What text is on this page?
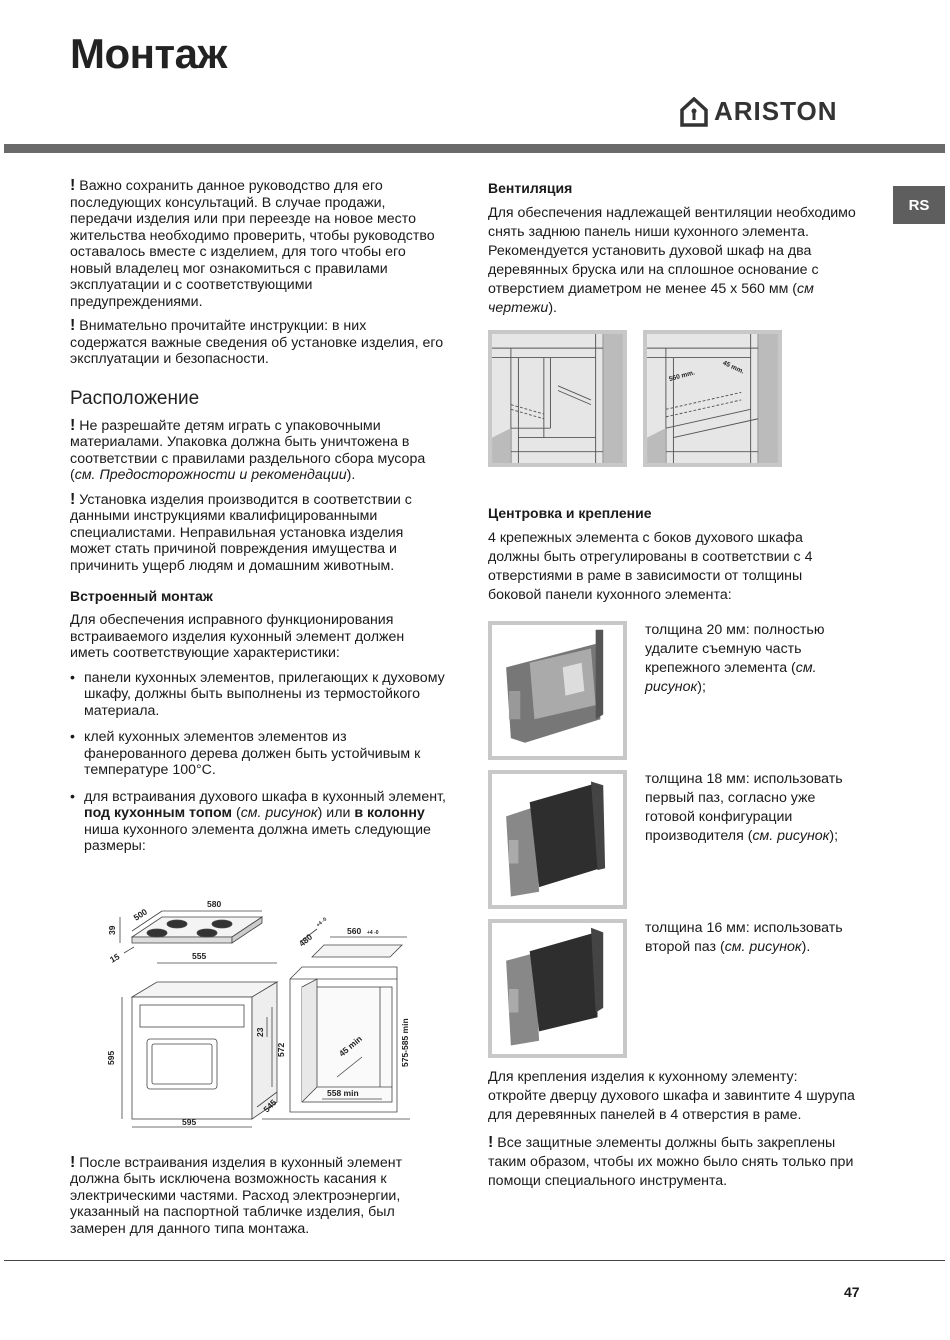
Монтаж
ARISTON
RS

! Важно сохранить данное руководство для его последующих консультаций. В случае продажи, передачи изделия или при переезде на новое место жительства необходимо проверить, чтобы руководство оставалось вместе с изделием, для того чтобы его новый владелец мог ознакомиться с правилами эксплуатации и с соответствующими предупреждениями.

! Внимательно прочитайте инструкции: в них содержатся важные сведения об установке изделия, его эксплуатации и безопасности.

Расположение

! Не разрешайте детям играть с упаковочными материалами. Упаковка должна быть уничтожена в соответствии с правилами раздельного сбора мусора (см. Предосторожности и рекомендации).

! Установка изделия производится в соответствии с данными инструкциями квалифицированными специалистами. Неправильная установка изделия может стать причиной повреждения имущества и причинить ущерб людям и домашним животным.

Встроенный монтаж

Для обеспечения исправного функционирования встраиваемого изделия кухонный элемент должен иметь соответствующие характеристики:

• панели кухонных элементов, прилегающих к духовому шкафу, должны быть выполнены из термостойкого материала.
• клей кухонных элементов элементов из фанерованного дерева должен быть устойчивым к температуре 100°С.
• для встраивания духового шкафа в кухонный элемент, под кухонным топом (см. рисунок) или в колонну ниша кухонного элемента должна иметь следующие размеры:
580
500
39
15	555
595
23
572
545
595
480
+4 -0
560 +4 -0
45 min
558 min
575-585 min

! После встраивания изделия в кухонный элемент должна быть исключена возможность касания к электрическими частями. Расход электроэнергии, указанный на паспортной табличке изделия, был замерен для данного типа монтажа.

Вентиляция

Для обеспечения надлежащей вентиляции необходимо снять заднюю панель ниши кухонного элемента. Рекомендуется установить духовой шкаф на два деревянных бруска или на сплошное основание с отверстием диаметром не менее 45 х 560 мм (см чертежи).

560 mm.
45 mm.
Центровка и крепление

4 крепежных элемента с боков духового шкафа должны быть отрегулированы в соответствии с 4 отверстиями в раме в зависимости от толщины боковой панели кухонного элемента:

толщина 20 мм: полностью удалите съемную часть крепежного элемента (см. рисунок);

толщина 18 мм: использовать первый паз, согласно уже готовой конфигурации производителя (см. рисунок);

толщина 16 мм: использовать второй паз (см. рисунок).

Для крепления изделия к кухонному элементу: откройте дверцу духового шкафа и завинтите 4 шурупа для деревянных панелей в 4 отверстия в раме.

! Все защитные элементы должны быть закреплены таким образом, чтобы их можно было снять только при помощи специального инструмента.

47
